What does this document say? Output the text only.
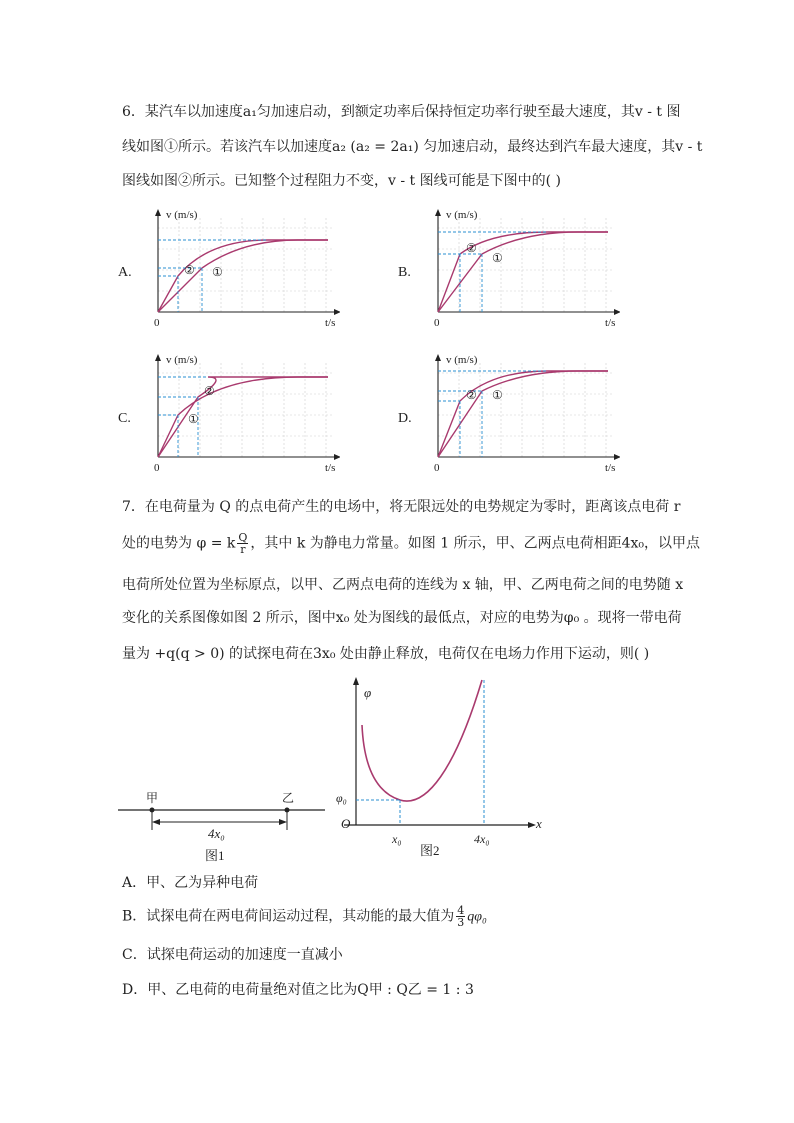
6．某汽车以加速度a₁匀加速启动，到额定功率后保持恒定功率行驶至最大速度，其v - t 图
线如图①所示。若该汽车以加速度a₂ (a₂ = 2a₁) 匀加速启动，最终达到汽车最大速度，其v - t
图线如图②所示。已知整个过程阻力不变，v - t 图线可能是下图中的( )
A.
v (m/s)
t/s
0
② ①	B.
v (m/s)
t/s
0
②
①
C.
v (m/s)
t/s
0
②
①	D.
v (m/s)
t/s
0
② ①
7．在电荷量为 Q 的点电荷产生的电场中，将无限远处的电势规定为零时，距离该点电荷 r
处的电势为 φ = k $\frac{Q}{r}$ ，其中 k 为静电力常量。如图 1 所示，甲、乙两点电荷相距4x₀，以甲点
电荷所处位置为坐标原点，以甲、乙两点电荷的连线为 x 轴，甲、乙两电荷之间的电势随 x
变化的关系图像如图 2 所示，图中x₀ 处为图线的最低点，对应的电势为φ₀ 。现将一带电荷
量为 +q(q > 0) 的试探电荷在3x₀ 处由静止释放，电荷仅在电场力作用下运动，则( )
甲	乙
4x₀
图1
φ
x
O
φ₀
x₀	4x₀
图2
A．甲、乙为异种电荷
B．试探电荷在两电荷间运动过程，其动能的最大值为 $\frac{4}{3} q\varphi_0$
C．试探电荷运动的加速度一直减小
D．甲、乙电荷的电荷量绝对值之比为Q甲 : Q乙 = 1 : 3
